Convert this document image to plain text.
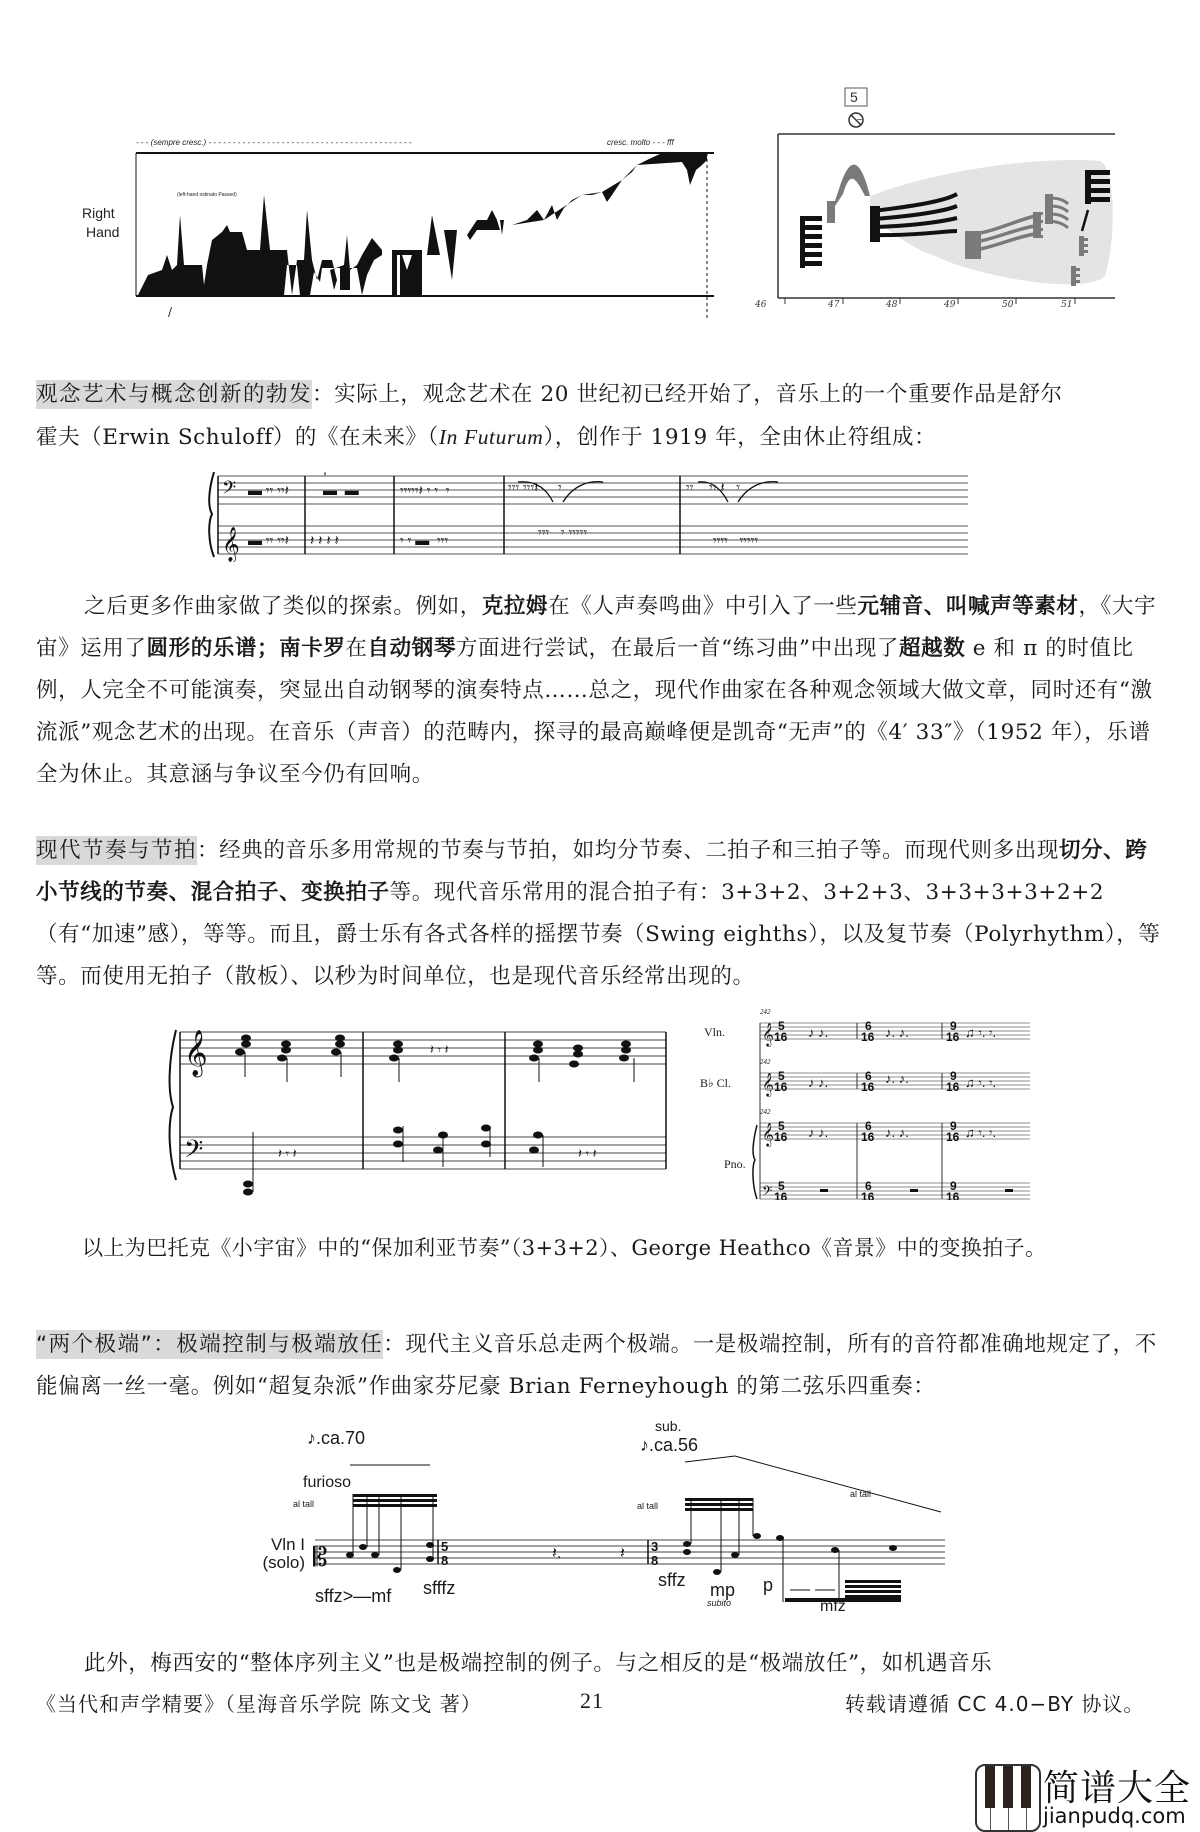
Right
Hand
- - - (sempre cresc.) - - - - - - - - - - - - - - - - - - - - - - - - - - - - - - - - - - - - - - - - - -	cresc. molto - - - fff
(left-hand ostinato Passed)
/
5
46	47	48	49	50	51
观念艺术与概念创新的勃发：实际上，观念艺术在 20 世纪初已经开始了，音乐上的一个重要作品是舒尔
霍夫（Erwin Schuloff）的《在未来》（In Futurum），创作于 1919 年，全由休止符组成：
,
𝄢
𝄞
▬ 𝄾𝄾 𝄾𝄾𝄽 ▬  ▬	𝄾𝄾𝄾𝄾𝄾𝄽 𝄾 𝄾  𝄾
▬ 𝄾𝄾 𝄾𝄾𝄽 𝄽 𝄽 𝄽 𝄽	𝄾 𝄾 ▬  𝄾𝄾𝄾
𝄾𝄾𝄾 𝄾𝄾𝄾𝄽     𝄾
𝄾𝄾𝄾   𝄾 𝄾𝄾𝄾𝄾𝄾
𝄾𝄾    𝄾𝄾 𝄽   𝄾
𝄾𝄾𝄾𝄾   𝄾𝄾𝄾𝄾𝄾
之后更多作曲家做了类似的探索。例如，克拉姆在《人声奏鸣曲》中引入了一些元辅音、叫喊声等素材，《大宇宙》运用了圆形的乐谱；南卡罗在自动钢琴方面进行尝试，在最后一首“练习曲”中出现了超越数 e 和 π 的时值比例，人完全不可能演奏，突显出自动钢琴的演奏特点……总之，现代作曲家在各种观念领域大做文章，同时还有“激流派”观念艺术的出现。在音乐（声音）的范畴内，探寻的最高巅峰便是凯奇“无声”的《4′ 33″》（1952 年），乐谱全为休止。其意涵与争议至今仍有回响。
现代节奏与节拍：经典的音乐多用常规的节奏与节拍，如均分节奏、二拍子和三拍子等。而现代则多出现切分、跨小节线的节奏、混合拍子、变换拍子等。现代音乐常用的混合拍子有：3+3+2、3+2+3、3+3+3+3+2+2（有“加速”感），等等。而且，爵士乐有各式各样的摇摆节奏（Swing eighths），以及复节奏（Polyrhythm），等等。而使用无拍子（散板）、以秒为时间单位，也是现代音乐经常出现的。
𝄞
𝄢
𝄽 𝄾 𝄽
𝄽 𝄾 𝄽	𝄽 𝄾 𝄽
Vln.
B♭ Cl.
Pno.
242
242
242
𝄞
𝄞
𝄞
𝄢
5
16
6
16
9
16
5
16
6
16
9
16
5
16
6
16
9
16
5
16
6
16
9
16
♪ ♪.	♪. ♪.	♫ 𝄾. 𝄾.
♪ ♪.	♪. ♪.	♫ 𝄾. 𝄾.
♪ ♪.	♪. ♪.	♫ 𝄾. 𝄾.
以上为巴托克《小宇宙》中的“保加利亚节奏”（3+3+2）、George Heathco《音景》中的变换拍子。
“两个极端”：极端控制与极端放任：现代主义音乐总走两个极端。一是极端控制，所有的音符都准确地规定了，不能偏离一丝一毫。例如“超复杂派”作曲家芬尼豪 Brian Ferneyhough 的第二弦乐四重奏：
♪.ca.70
sub.
♪.ca.56
furioso
Vln I
(solo)
al tall	al tall
al tall
𝄡	5
8
3
8
𝄽.	𝄽
sffz>—mf sfffz	sffz mp
subito
p
mfz
此外，梅西安的“整体序列主义”也是极端控制的例子。与之相反的是“极端放任”，如机遇音乐
《当代和声学精要》（星海音乐学院 陈文戈 著）	21	转载请遵循 CC 4.0−BY 协议。
简谱大全
jianpudq.com
